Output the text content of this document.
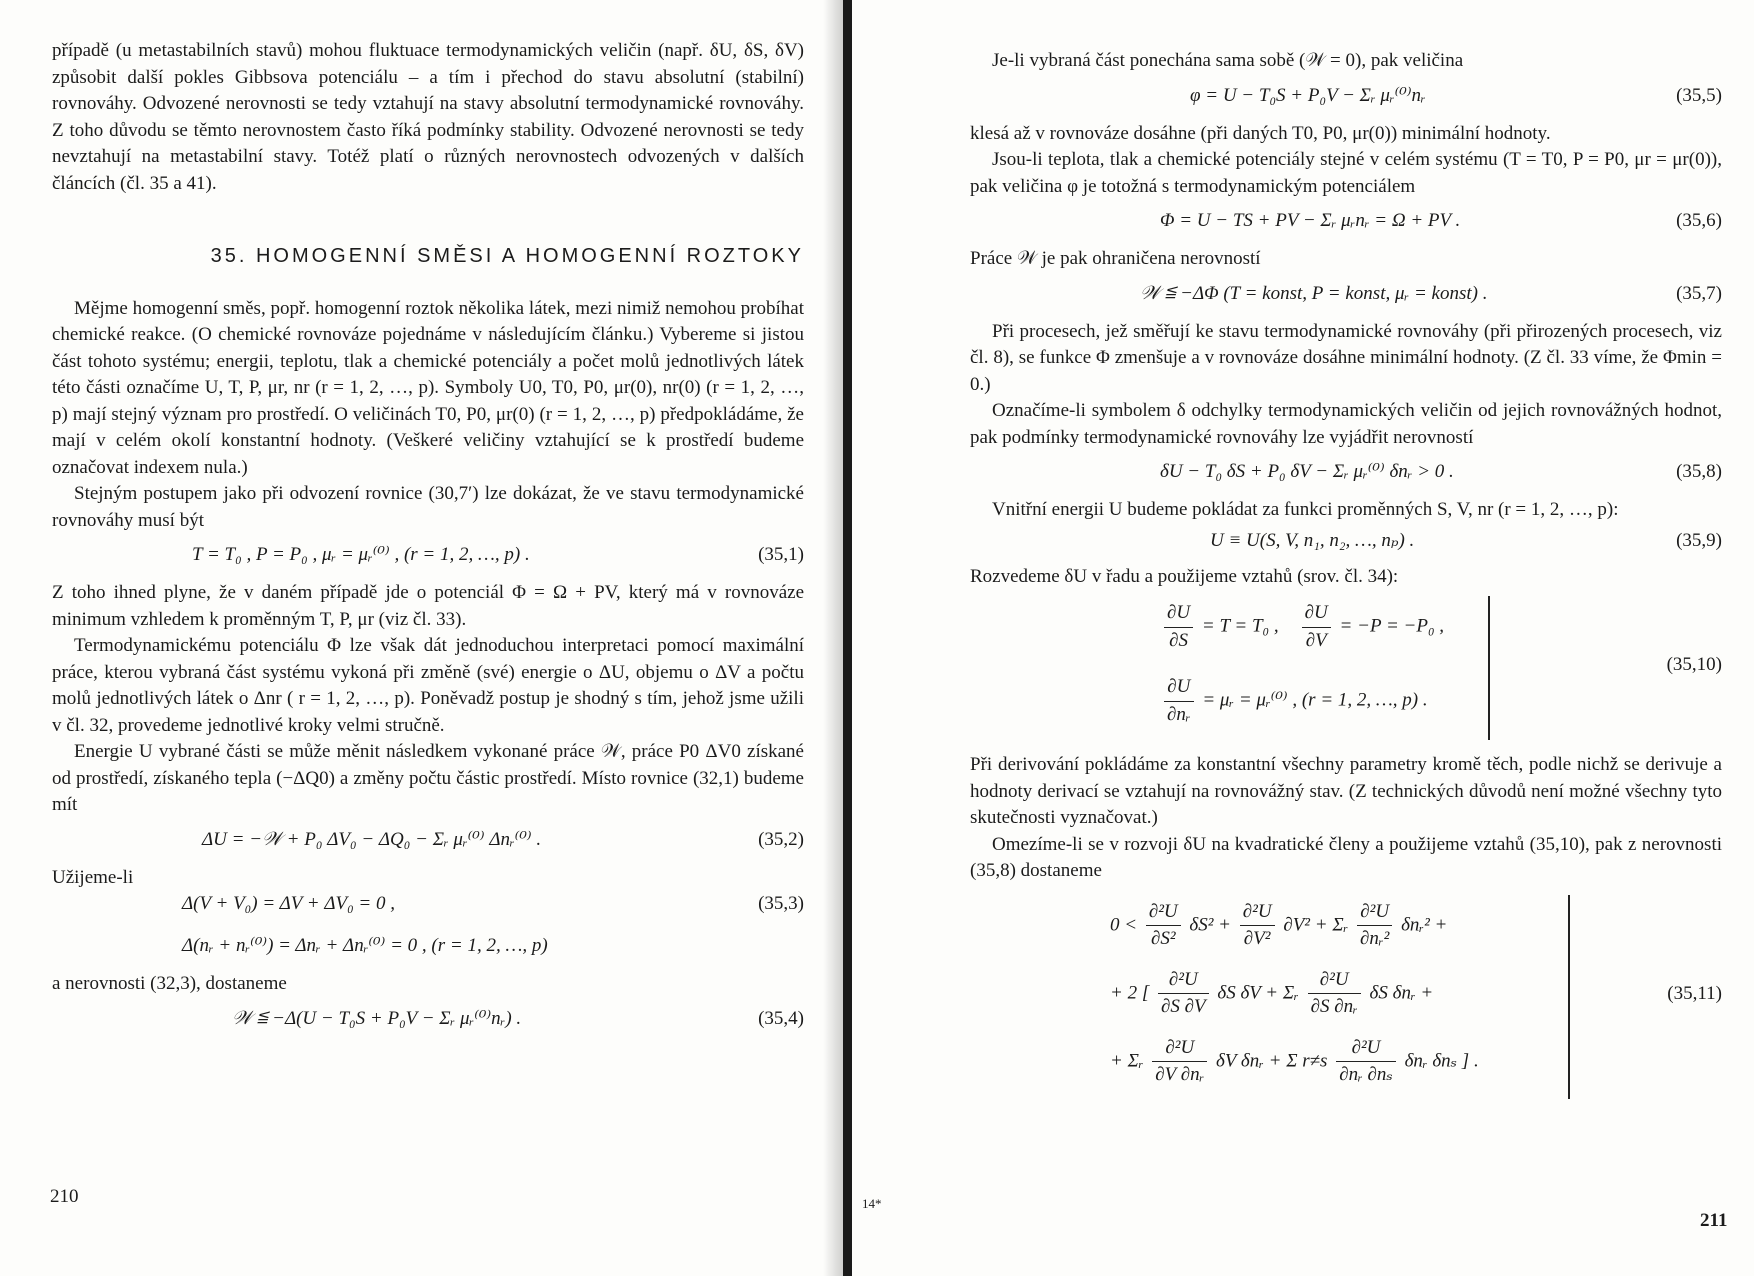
případě (u metastabilních stavů) mohou fluktuace termodynamických veličin (např. δU, δS, δV) způsobit další pokles Gibbsova potenciálu – a tím i přechod do stavu absolutní (stabilní) rovnováhy. Odvozené nerovnosti se tedy vztahují na stavy absolutní termodynamické rovnováhy. Z toho důvodu se těmto nerovnostem často říká podmínky stability. Odvozené nerovnosti se tedy nevztahují na metastabilní stavy. Totéž platí o různých nerovnostech odvozených v dalších článcích (čl. 35 a 41).

35. HOMOGENNÍ SMĚSI A HOMOGENNÍ ROZTOKY

Mějme homogenní směs, popř. homogenní roztok několika látek, mezi nimiž nemohou probíhat chemické reakce. (O chemické rovnováze pojednáme v následujícím článku.) Vybereme si jistou část tohoto systému; energii, teplotu, tlak a chemické potenciály a počet molů jednotlivých látek této části označíme U, T, P, μr, nr (r = 1, 2, …, p). Symboly U0, T0, P0, μr(0), nr(0) (r = 1, 2, …, p) mají stejný význam pro prostředí. O veličinách T0, P0, μr(0) (r = 1, 2, …, p) předpokládáme, že mají v celém okolí konstantní hodnoty. (Veškeré veličiny vztahující se k prostředí budeme označovat indexem nula.)

Stejným postupem jako při odvození rovnice (30,7′) lze dokázat, že ve stavu termodynamické rovnováhy musí být

T = T₀ , P = P₀ , μᵣ = μᵣ⁽⁰⁾ , (r = 1, 2, …, p) .	(35,1)

Z toho ihned plyne, že v daném případě jde o potenciál Φ = Ω + PV, který má v rovnováze minimum vzhledem k proměnným T, P, μr (viz čl. 33).

Termodynamickému potenciálu Φ lze však dát jednoduchou interpretaci pomocí maximální práce, kterou vybraná část systému vykoná při změně (své) energie o ΔU, objemu o ΔV a počtu molů jednotlivých látek o Δnr ( r = 1, 2, …, p). Poněvadž postup je shodný s tím, jehož jsme užili v čl. 32, provedeme jednotlivé kroky velmi stručně.

Energie U vybrané části se může měnit následkem vykonané práce 𝒲, práce P0 ΔV0 získané od prostředí, získaného tepla (−ΔQ0) a změny počtu částic prostředí. Místo rovnice (32,1) budeme mít

ΔU = −𝒲 + P₀ ΔV₀ − ΔQ₀ − Σᵣ μᵣ⁽⁰⁾ Δnᵣ⁽⁰⁾ .	(35,2)

Užijeme-li

Δ(V + V₀) = ΔV + ΔV₀ = 0 ,	(35,3)
Δ(nᵣ + nᵣ⁽⁰⁾) = Δnᵣ + Δnᵣ⁽⁰⁾ = 0 , (r = 1, 2, …, p)

a nerovnosti (32,3), dostaneme

𝒲 ≦ −Δ(U − T₀S + P₀V − Σᵣ μᵣ⁽⁰⁾nᵣ) .	(35,4)
210

Je-li vybraná část ponechána sama sobě (𝒲 = 0), pak veličina

φ = U − T₀S + P₀V − Σᵣ μᵣ⁽⁰⁾nᵣ	(35,5)

klesá až v rovnováze dosáhne (při daných T0, P0, μr(0)) minimální hodnoty.

Jsou-li teplota, tlak a chemické potenciály stejné v celém systému (T = T0, P = P0, μr = μr(0)), pak veličina φ je totožná s termodynamickým potenciálem

Φ = U − TS + PV − Σᵣ μᵣnᵣ = Ω + PV .	(35,6)

Práce 𝒲 je pak ohraničena nerovností

𝒲 ≦ −ΔΦ (T = konst, P = konst, μᵣ = konst) .	(35,7)

Při procesech, jež směřují ke stavu termodynamické rovnováhy (při přirozených procesech, viz čl. 8), se funkce Φ zmenšuje a v rovnováze dosáhne minimální hodnoty. (Z čl. 33 víme, že Φmin = 0.)

Označíme-li symbolem δ odchylky termodynamických veličin od jejich rovnovážných hodnot, pak podmínky termodynamické rovnováhy lze vyjádřit nerovností

δU − T₀ δS + P₀ δV − Σᵣ μᵣ⁽⁰⁾ δnᵣ > 0 .	(35,8)

Vnitřní energii U budeme pokládat za funkci proměnných S, V, nr (r = 1, 2, …, p):

U ≡ U(S, V, n₁, n₂, …, nₚ) .	(35,9)

Rozvedeme δU v řadu a použijeme vztahů (srov. čl. 34):

$\frac{\partial U}{\partial S} = T = T_0$ , $\frac{\partial U}{\partial V} = -P = -P_0$ ,
$\frac{\partial U}{\text{∂nᵣ}}$ = μᵣ = μᵣ⁽⁰⁾ , (r = 1, 2, …, p) .
(35,10)

Při derivování pokládáme za konstantní všechny parametry kromě těch, podle nichž se derivuje a hodnoty derivací se vztahují na rovnovážný stav. (Z technických důvodů není možné všechny tyto skutečnosti vyznačovat.)

Omezíme-li se v rozvoji δU na kvadratické členy a použijeme vztahů (35,10), pak z nerovnosti (35,8) dostaneme

$0 < \frac{\text{∂²U}}{\text{∂S²}} \delta S^2 + \frac{\text{∂²U}}{\text{∂V²}} \partial V^2$ + Σᵣ $\frac{\text{∂²U}}{\text{∂nᵣ²}}$ δnᵣ² +
+ 2 [ $\frac{\text{∂²U}}{\partial S \partial V}$ δS δV + Σᵣ $\frac{\text{∂²U}}{\text{∂S ∂nᵣ}}$ δS δnᵣ +
+ Σᵣ $\frac{\text{∂²U}}{\text{∂V ∂nᵣ}}$ δV δnᵣ + Σ $r\ne s \frac{\text{∂²U}}{\text{∂nᵣ ∂nₛ}}$ δnᵣ δnₛ ] .
(35,11)
14*
211
